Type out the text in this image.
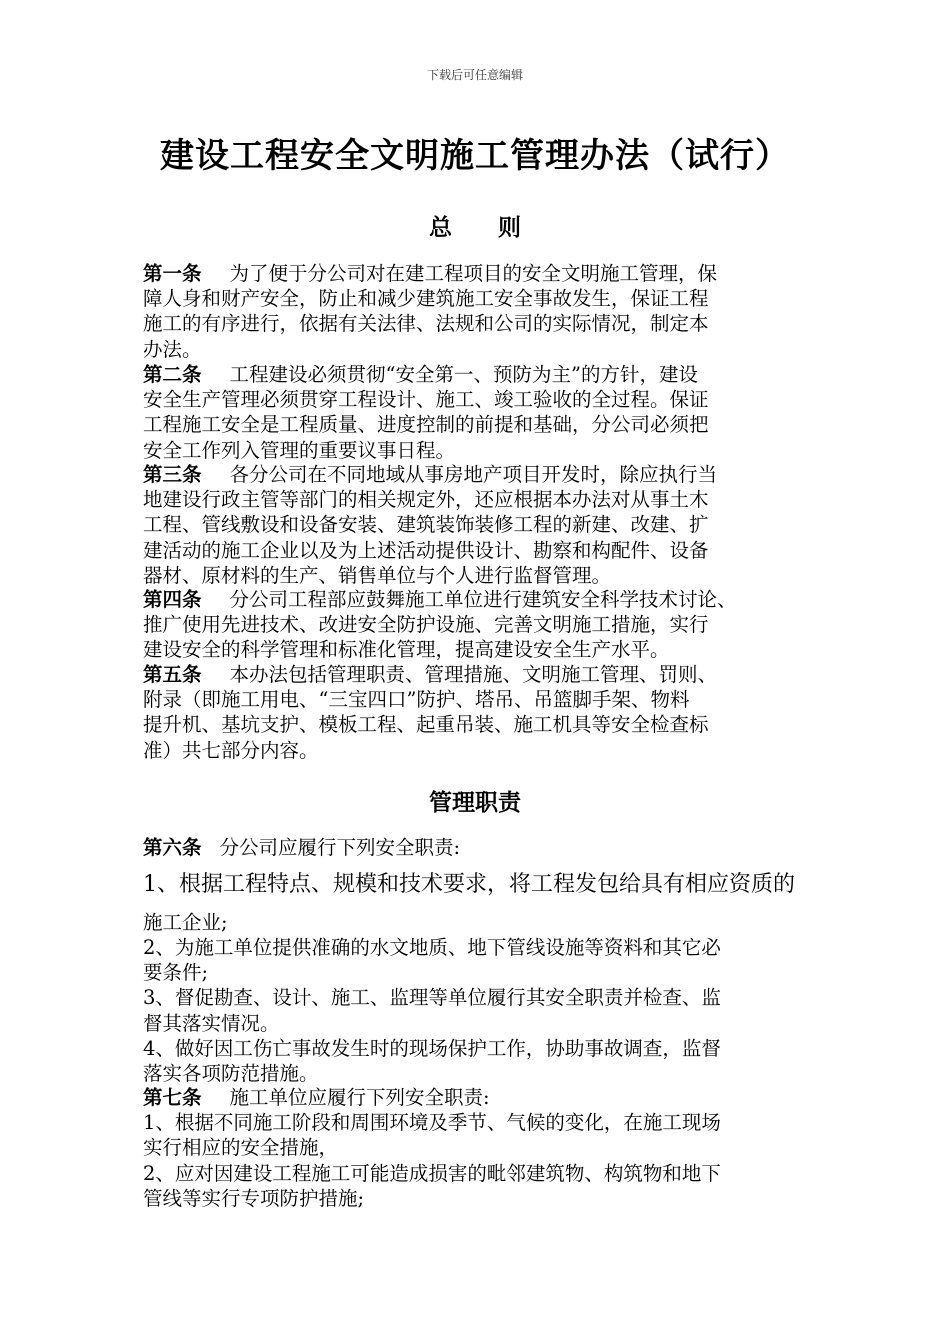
下载后可任意编辑
建设工程安全文明施工管理办法（试行）
总　　则
第一条 为了便于分公司对在建工程项目的安全文明施工管理，保
障人身和财产安全，防止和减少建筑施工安全事故发生，保证工程
施工的有序进行，依据有关法律、法规和公司的实际情况，制定本
办法。
第二条 工程建设必须贯彻“安全第一、预防为主”的方针，建设
安全生产管理必须贯穿工程设计、施工、竣工验收的全过程。保证
工程施工安全是工程质量、进度控制的前提和基础，分公司必须把
安全工作列入管理的重要议事日程。
第三条 各分公司在不同地域从事房地产项目开发时，除应执行当
地建设行政主管等部门的相关规定外，还应根据本办法对从事土木
工程、管线敷设和设备安装、建筑装饰装修工程的新建、改建、扩
建活动的施工企业以及为上述活动提供设计、勘察和构配件、设备
器材、原材料的生产、销售单位与个人进行监督管理。
第四条 分公司工程部应鼓舞施工单位进行建筑安全科学技术讨论、
推广使用先进技术、改进安全防护设施、完善文明施工措施，实行
建设安全的科学管理和标准化管理，提高建设安全生产水平。
第五条 本办法包括管理职责、管理措施、文明施工管理、罚则、
附录（即施工用电、“三宝四口”防护、塔吊、吊篮脚手架、物料
提升机、基坑支护、模板工程、起重吊装、施工机具等安全检查标
准）共七部分内容。
管理职责
第六条 分公司应履行下列安全职责:
1、根据工程特点、规模和技术要求，将工程发包给具有相应资质的
施工企业;
2、为施工单位提供准确的水文地质、地下管线设施等资料和其它必
要条件;
3、督促勘查、设计、施工、监理等单位履行其安全职责并检查、监
督其落实情况。
4、做好因工伤亡事故发生时的现场保护工作，协助事故调查，监督
落实各项防范措施。
第七条 施工单位应履行下列安全职责:
1、根据不同施工阶段和周围环境及季节、气候的变化，在施工现场
实行相应的安全措施，
2、应对因建设工程施工可能造成损害的毗邻建筑物、构筑物和地下
管线等实行专项防护措施;
